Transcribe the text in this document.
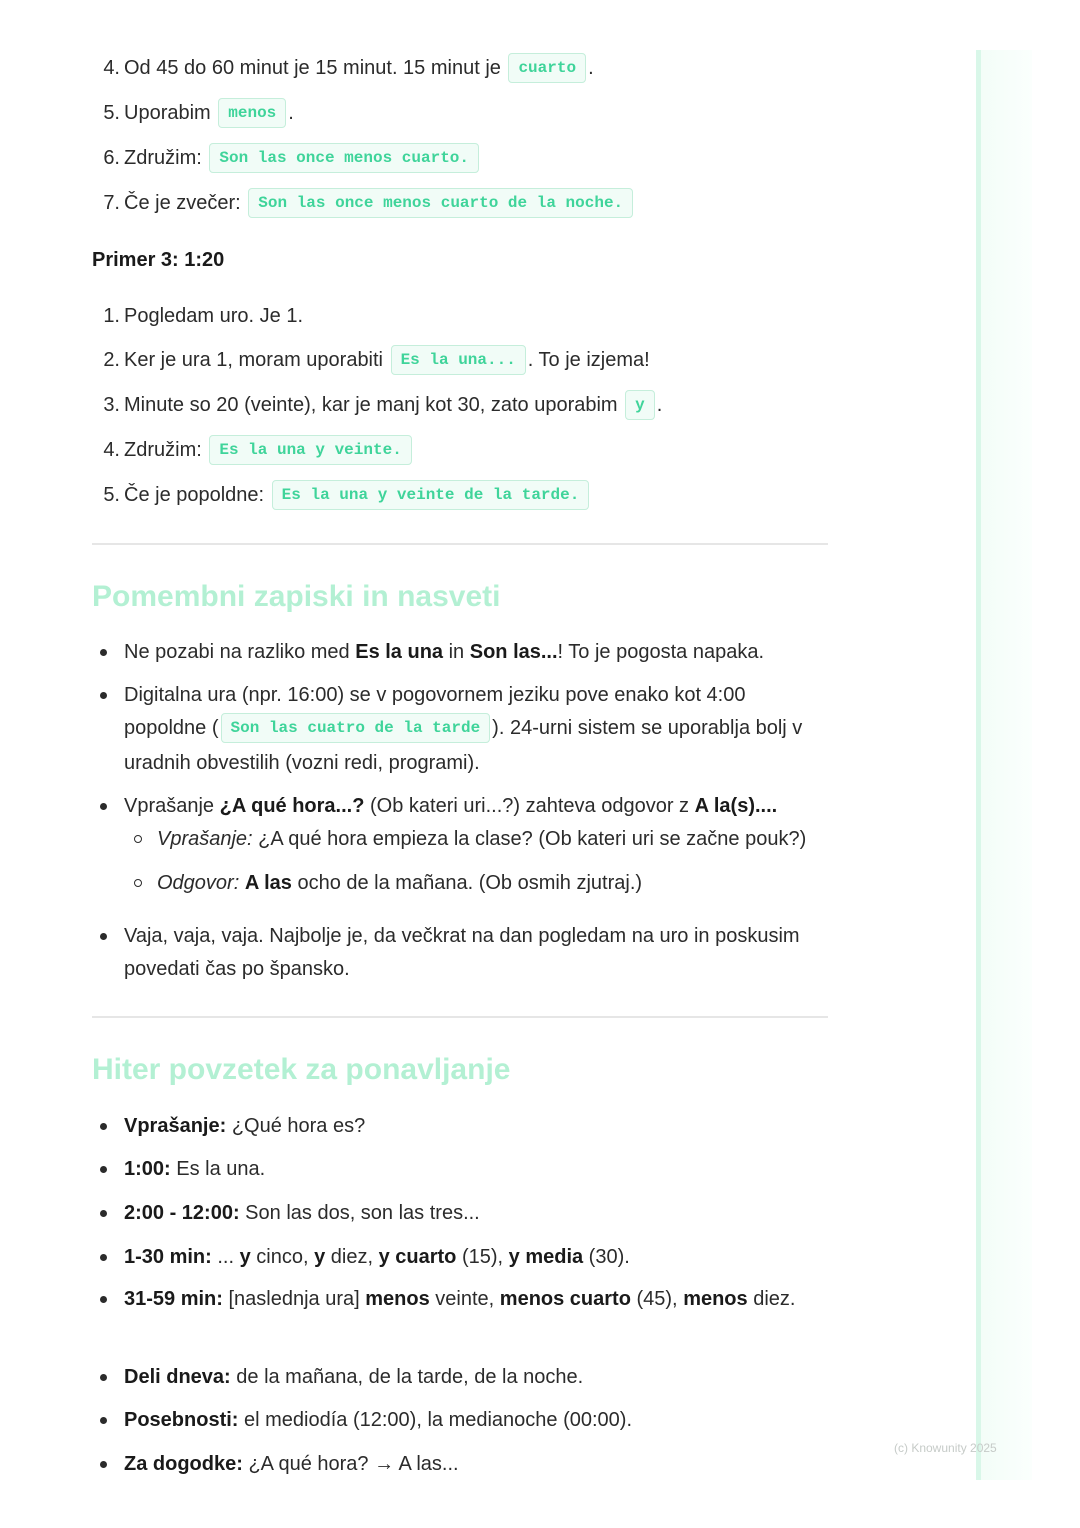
(c) Knowunity 2025
4. Od 45 do 60 minut je 15 minut. 15 minut je cuarto .
5. Uporabim menos .
6. Združim: Son las once menos cuarto.
7. Če je zvečer: Son las once menos cuarto de la noche.
Primer 3: 1:20
1. Pogledam uro. Je 1.
2. Ker je ura 1, moram uporabiti Es la una... . To je izjema!
3. Minute so 20 (veinte), kar je manj kot 30, zato uporabim y .
4. Združim: Es la una y veinte.
5. Če je popoldne: Es la una y veinte de la tarde.
Pomembni zapiski in nasveti
Ne pozabi na razliko med Es la una in Son las...! To je pogosta napaka.
Digitalna ura (npr. 16:00) se v pogovornem jeziku pove enako kot 4:00 popoldne ( Son las cuatro de la tarde ). 24-urni sistem se uporablja bolj v uradnih obvestilih (vozni redi, programi).
Vprašanje ¿A qué hora...? (Ob kateri uri...?) zahteva odgovor z A la(s)....
Vprašanje: ¿A qué hora empieza la clase? (Ob kateri uri se začne pouk?)
Odgovor: A las ocho de la mañana. (Ob osmih zjutraj.)
Vaja, vaja, vaja. Najbolje je, da večkrat na dan pogledam na uro in poskusim povedati čas po špansko.
Hiter povzetek za ponavljanje
Vprašanje: ¿Qué hora es?
1:00: Es la una.
2:00 - 12:00: Son las dos, son las tres...
1-30 min: ... y cinco, y diez, y cuarto (15), y media (30).
31-59 min: [naslednja ura] menos veinte, menos cuarto (45), menos diez.
Deli dneva: de la mañana, de la tarde, de la noche.
Posebnosti: el mediodía (12:00), la medianoche (00:00).
Za dogodke: ¿A qué hora? → A las...
